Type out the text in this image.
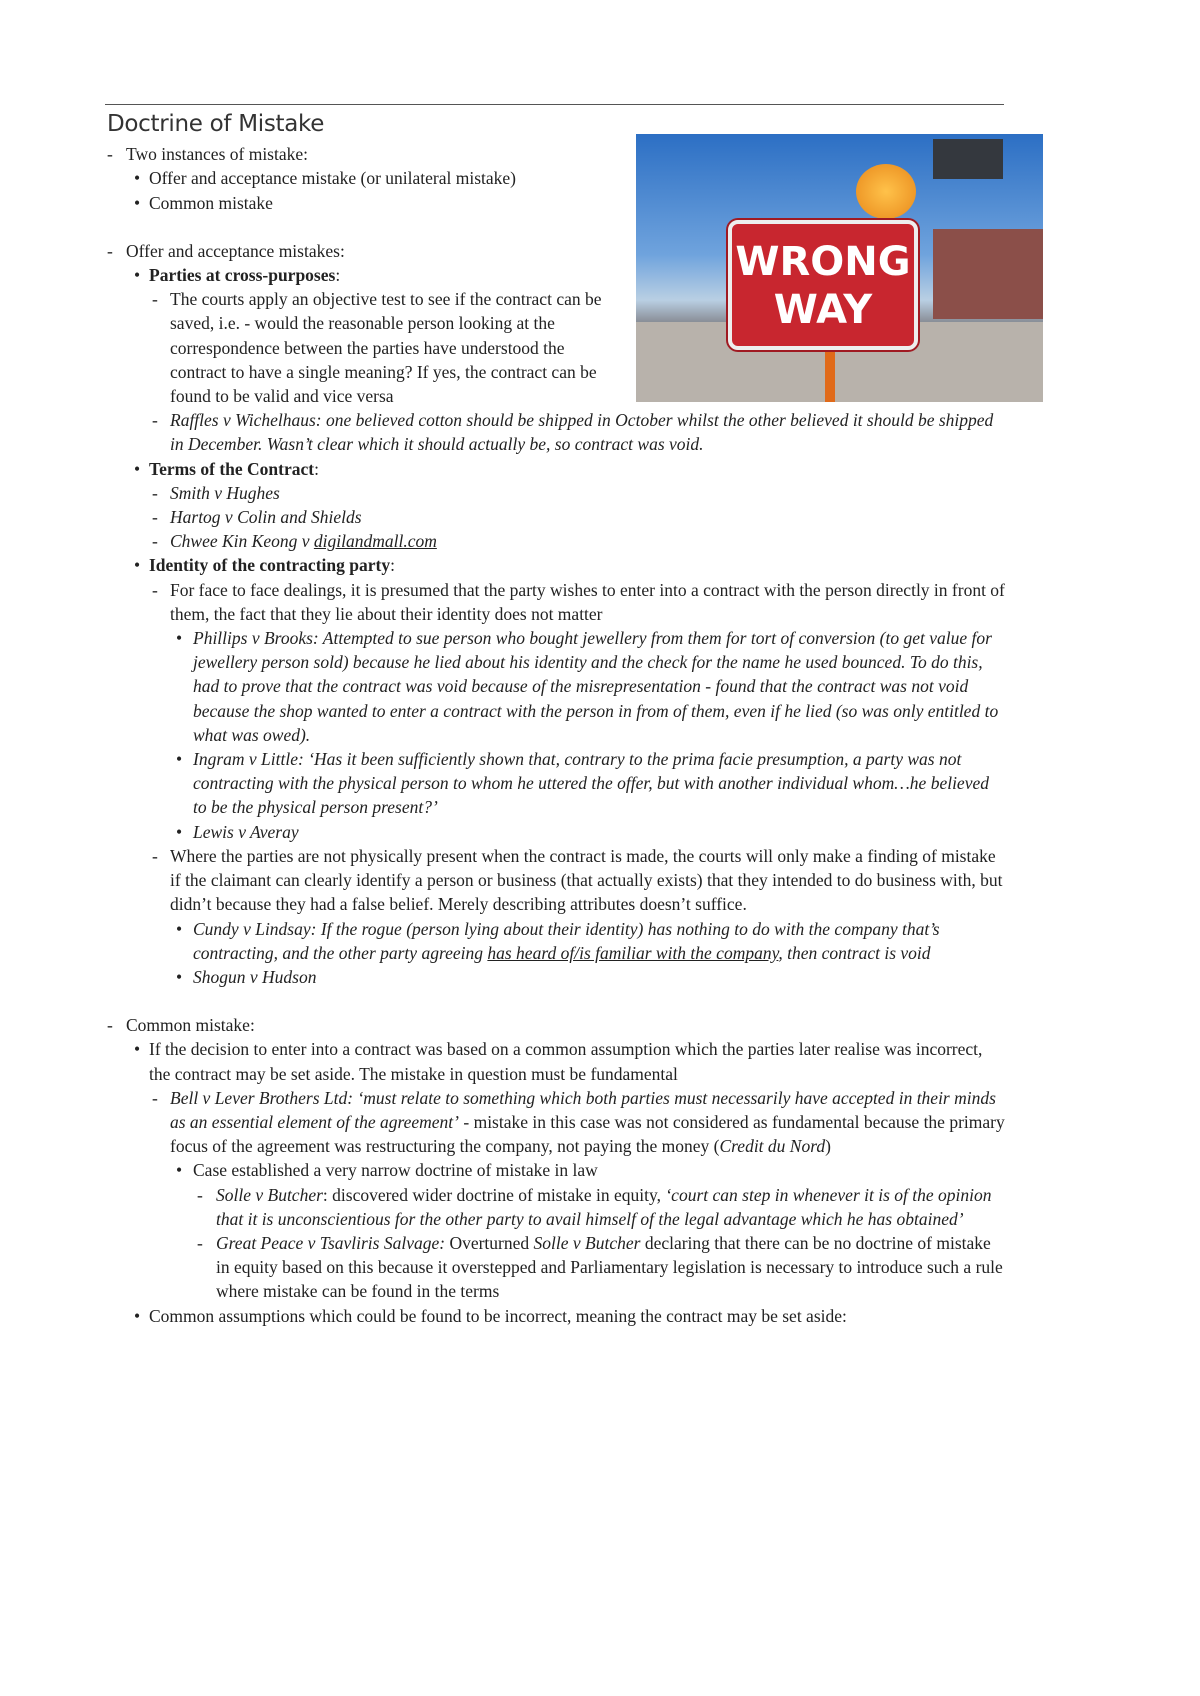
Doctrine of Mistake
WRONG
WAY
- Two instances of mistake:
• Offer and acceptance mistake (or unilateral mistake)
• Common mistake
- Offer and acceptance mistakes:
• Parties at cross-purposes:
- The courts apply an objective test to see if the contract can be saved, i.e. - would the reasonable person looking at the correspondence between the parties have understood the contract to have a single meaning? If yes, the contract can be found to be valid and vice versa
- Raffles v Wichelhaus: one believed cotton should be shipped in October whilst the other believed it should be shipped in December. Wasn’t clear which it should actually be, so contract was void.
• Terms of the Contract:
- Smith v Hughes
- Hartog v Colin and Shields
- Chwee Kin Keong v digilandmall.com
• Identity of the contracting party:
- For face to face dealings, it is presumed that the party wishes to enter into a contract with the person directly in front of them, the fact that they lie about their identity does not matter
• Phillips v Brooks: Attempted to sue person who bought jewellery from them for tort of conversion (to get value for jewellery person sold) because he lied about his identity and the check for the name he used bounced. To do this, had to prove that the contract was void because of the misrepresentation - found that the contract was not void because the shop wanted to enter a contract with the person in from of them, even if he lied (so was only entitled to what was owed).
• Ingram v Little: ‘Has it been sufficiently shown that, contrary to the prima facie presumption, a party was not contracting with the physical person to whom he uttered the offer, but with another individual whom…he believed to be the physical person present?’
• Lewis v Averay
- Where the parties are not physically present when the contract is made, the courts will only make a finding of mistake if the claimant can clearly identify a person or business (that actually exists) that they intended to do business with, but didn’t because they had a false belief. Merely describing attributes doesn’t suffice.
• Cundy v Lindsay: If the rogue (person lying about their identity) has nothing to do with the company that’s contracting, and the other party agreeing has heard of/is familiar with the company, then contract is void
• Shogun v Hudson
- Common mistake:
• If the decision to enter into a contract was based on a common assumption which the parties later realise was incorrect, the contract may be set aside. The mistake in question must be fundamental
- Bell v Lever Brothers Ltd: ‘must relate to something which both parties must necessarily have accepted in their minds as an essential element of the agreement’ - mistake in this case was not considered as fundamental because the primary focus of the agreement was restructuring the company, not paying the money (Credit du Nord)
• Case established a very narrow doctrine of mistake in law
- Solle v Butcher: discovered wider doctrine of mistake in equity, ‘court can step in whenever it is of the opinion that it is unconscientious for the other party to avail himself of the legal advantage which he has obtained’
- Great Peace v Tsavliris Salvage: Overturned Solle v Butcher declaring that there can be no doctrine of mistake in equity based on this because it overstepped and Parliamentary legislation is necessary to introduce such a rule where mistake can be found in the terms
• Common assumptions which could be found to be incorrect, meaning the contract may be set aside:
